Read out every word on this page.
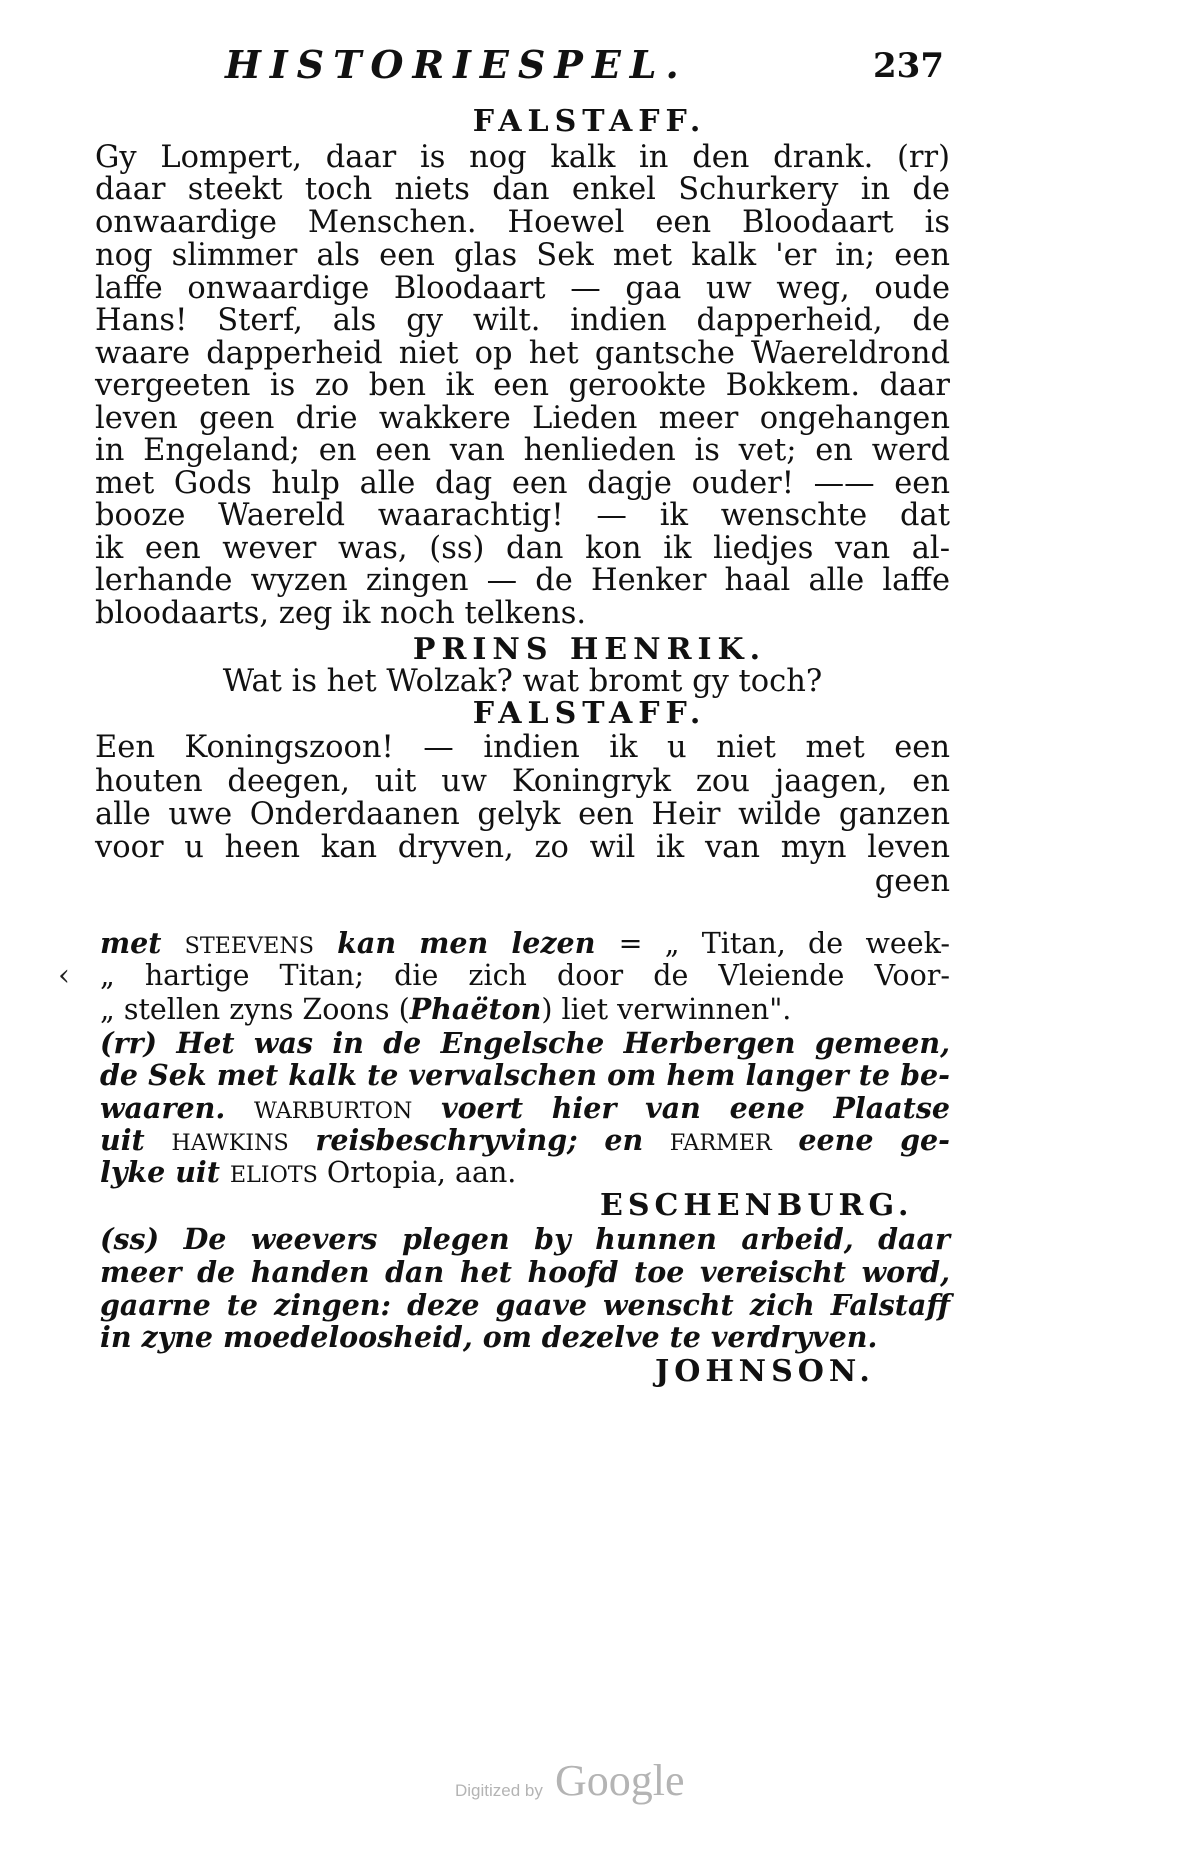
HISTORIESPEL.	237
FALSTAFF.
Gy Lompert, daar is nog kalk in den drank. (rr)
daar steekt toch niets dan enkel Schurkery in de
onwaardige Menschen. Hoewel een Bloodaart is
nog slimmer als een glas Sek met kalk 'er in; een
laffe onwaardige Bloodaart — gaa uw weg, oude
Hans! Sterf, als gy wilt. indien dapperheid, de
waare dapperheid niet op het gantsche Waereldrond
vergeeten is zo ben ik een gerookte Bokkem. daar
leven geen drie wakkere Lieden meer ongehangen
in Engeland; en een van henlieden is vet; en werd
met Gods hulp alle dag een dagje ouder! —— een
booze Waereld waarachtig! — ik wenschte dat
ik een wever was, (ss) dan kon ik liedjes van al-
lerhande wyzen zingen — de Henker haal alle laffe
bloodaarts, zeg ik noch telkens.
PRINS HENRIK.
Wat is het Wolzak? wat bromt gy toch?
FALSTAFF.
Een Koningszoon! — indien ik u niet met een
houten deegen, uit uw Koningryk zou jaagen, en
alle uwe Onderdaanen gelyk een Heir wilde ganzen
voor u heen kan dryven, zo wil ik van myn leven
geen
met STEEVENS kan men lezen = „ Titan, de week-
„ hartige Titan; die zich door de Vleiende Voor-
„ stellen zyns Zoons (Phaëton) liet verwinnen".
(rr) Het was in de Engelsche Herbergen gemeen,
de Sek met kalk te vervalschen om hem langer te be-
waaren. WARBURTON voert hier van eene Plaatse
uit HAWKINS reisbeschryving; en FARMER eene ge-
lyke uit ELIOTS Ortopia, aan.
ESCHENBURG.
(ss) De weevers plegen by hunnen arbeid, daar
meer de handen dan het hoofd toe vereischt word,
gaarne te zingen: deze gaave wenscht zich Falstaff
in zyne moedeloosheid, om dezelve te verdryven.
JOHNSON.
‹
Digitized by Google
